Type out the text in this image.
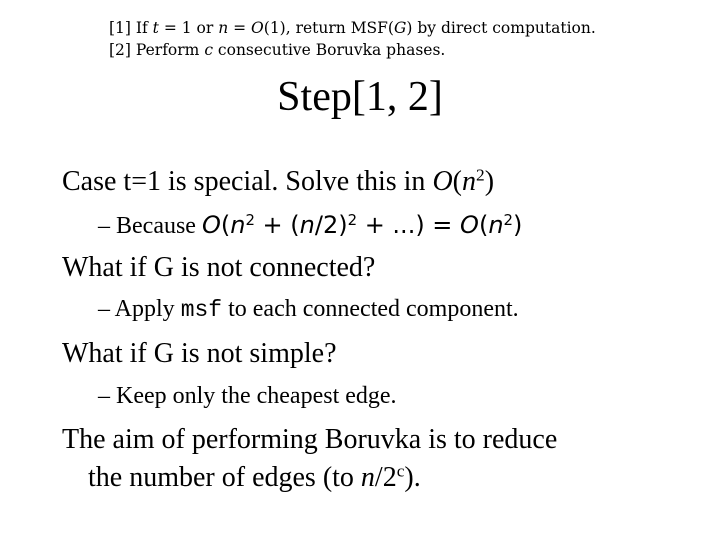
[1] If t = 1 or n = O(1), return MSF(G) by direct computation.
[2] Perform c consecutive Boruvka phases.
Step[1, 2]
Case t=1 is special. Solve this in $O(n^2)$
– Because $O(n^2 + (n/2)^2$ + ...) = $O(n^2)$
What if G is not connected?
– Apply msf to each connected component.
What if G is not simple?
– Keep only the cheapest edge.
The aim of performing Boruvka is to reduce
the number of edges (to n/2$^c$).
